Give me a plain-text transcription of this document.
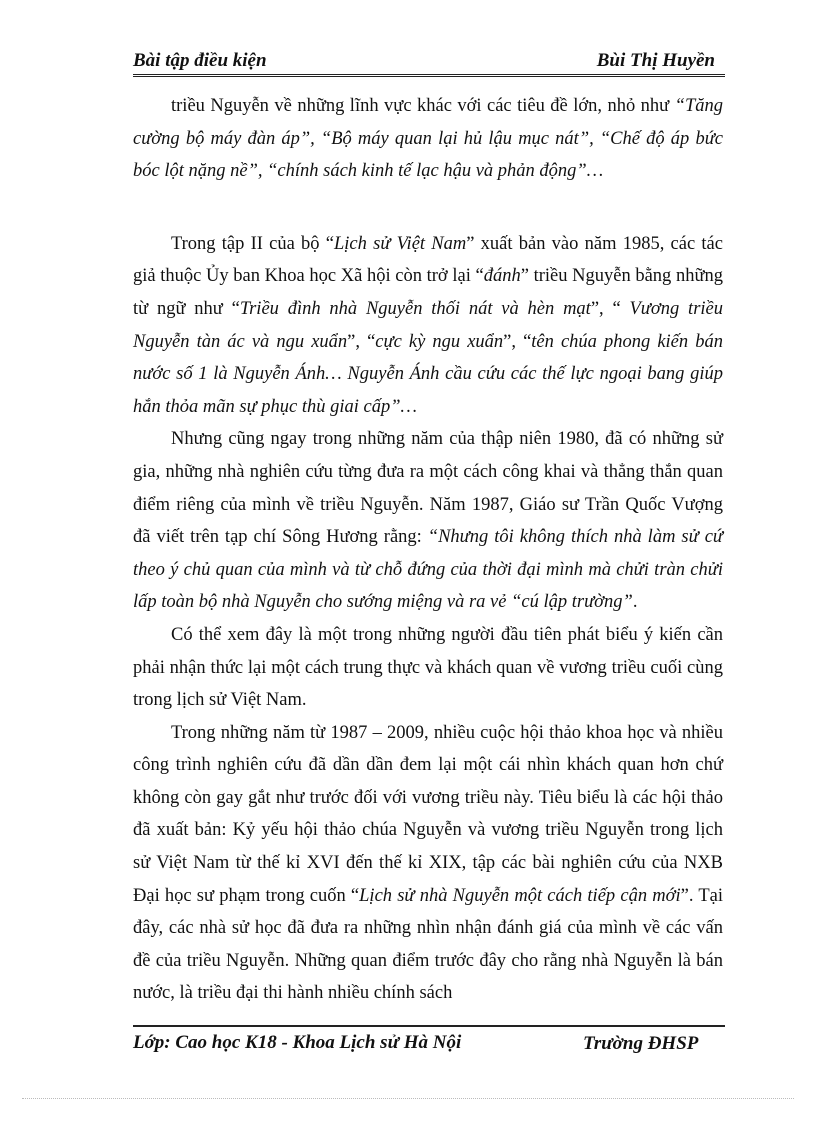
Bài tập điều kiện	Bùi Thị Huyền

triều Nguyễn về những lĩnh vực khác với các tiêu đề lớn, nhỏ như “Tăng cường bộ máy đàn áp”, “Bộ máy quan lại hủ lậu mục nát”, “Chế độ áp bức bóc lột nặng nề”, “chính sách kinh tế lạc hậu và phản động”…

Trong tập II của bộ “Lịch sử Việt Nam” xuất bản vào năm 1985, các tác giả thuộc Ủy ban Khoa học Xã hội còn trở lại “đánh” triều Nguyễn bằng những từ ngữ như “Triều đình nhà Nguyễn thối nát và hèn mạt”, “ Vương triều Nguyễn tàn ác và ngu xuẩn”, “cực kỳ ngu xuẩn”, “tên chúa phong kiến bán nước số 1 là Nguyễn Ánh… Nguyễn Ánh cầu cứu các thế lực ngoại bang giúp hắn thỏa mãn sự phục thù giai cấp”…

Nhưng cũng ngay trong những năm của thập niên 1980, đã có những sử gia, những nhà nghiên cứu từng đưa ra một cách công khai và thẳng thắn quan điểm riêng của mình về triều Nguyễn. Năm 1987, Giáo sư Trần Quốc Vượng đã viết trên tạp chí Sông Hương rằng: “Nhưng tôi không thích nhà làm sử cứ theo ý chủ quan của mình và từ chỗ đứng của thời đại mình mà chửi tràn chửi lấp toàn bộ nhà Nguyễn cho sướng miệng và ra vẻ “cú lập trường”.

Có thể xem đây là một trong những người đầu tiên phát biểu ý kiến cần phải nhận thức lại một cách trung thực và khách quan về vương triều cuối cùng trong lịch sử Việt Nam.

Trong những năm từ 1987 – 2009, nhiều cuộc hội thảo khoa học và nhiều công trình nghiên cứu đã dần dần đem lại một cái nhìn khách quan hơn chứ không còn gay gắt như trước đối với vương triều này. Tiêu biểu là các hội thảo đã xuất bản: Kỷ yếu hội thảo chúa Nguyễn và vương triều Nguyễn trong lịch sử Việt Nam từ thế kỉ XVI đến thế kỉ XIX, tập các bài nghiên cứu của NXB Đại học sư phạm trong cuốn “Lịch sử nhà Nguyễn một cách tiếp cận mới”. Tại đây, các nhà sử học đã đưa ra những nhìn nhận đánh giá của mình về các vấn đề của triều Nguyễn. Những quan điểm trước đây cho rằng nhà Nguyễn là bán nước, là triều đại thi hành nhiều chính sách

Lớp: Cao học K18 - Khoa Lịch sử Hà Nội	Trường ĐHSP
